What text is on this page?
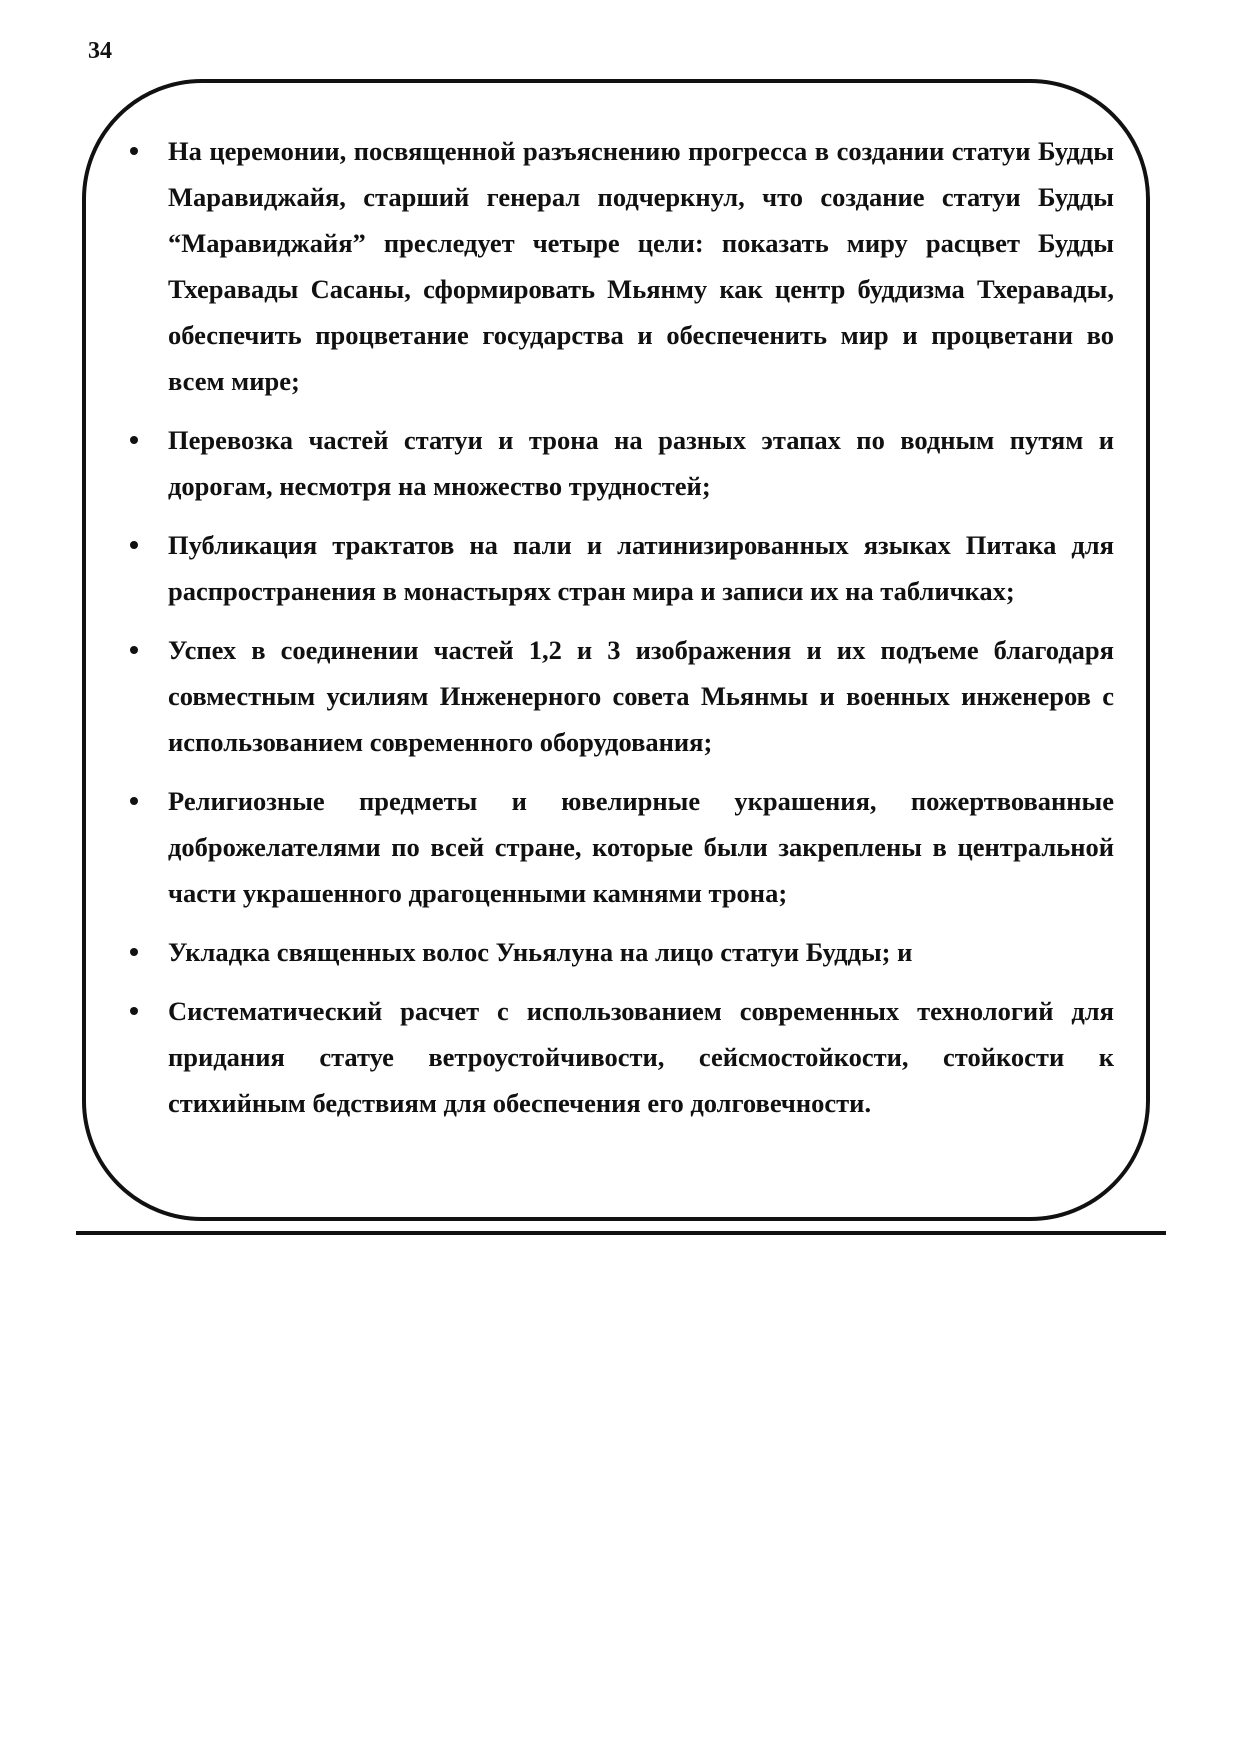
34
На церемонии, посвященной разъяснению прогресса в создании статуи Будды Маравиджайя, старший генерал подчеркнул, что создание статуи Будды “Маравиджайя” преследует четыре цели: показать миру расцвет Будды Тхеравады Сасаны, сформировать Мьянму как центр буддизма Тхеравады, обеспечить процветание государства и обеспеченить мир и процветани во всем мире;
Перевозка частей статуи и трона на разных этапах по водным путям и дорогам, несмотря на множество трудностей;
Публикация трактатов на пали и латинизированных языках Питака для распространения в монастырях стран мира и записи их на табличках;
Успех в соединении частей 1,2 и 3 изображения и их подъеме благодаря совместным усилиям Инженерного совета Мьянмы и военных инженеров с использованием современного оборудования;
Религиозные предметы и ювелирные украшения, пожертвованные доброжелателями по всей стране, которые были закреплены в центральной части украшенного драгоценными камнями трона;
Укладка священных волос Уньялуна на лицо статуи Будды; и
Систематический расчет с использованием современных технологий для придания статуе ветроустойчивости, сейсмостойкости, стойкости к стихийным бедствиям для обеспечения его долговечности.
